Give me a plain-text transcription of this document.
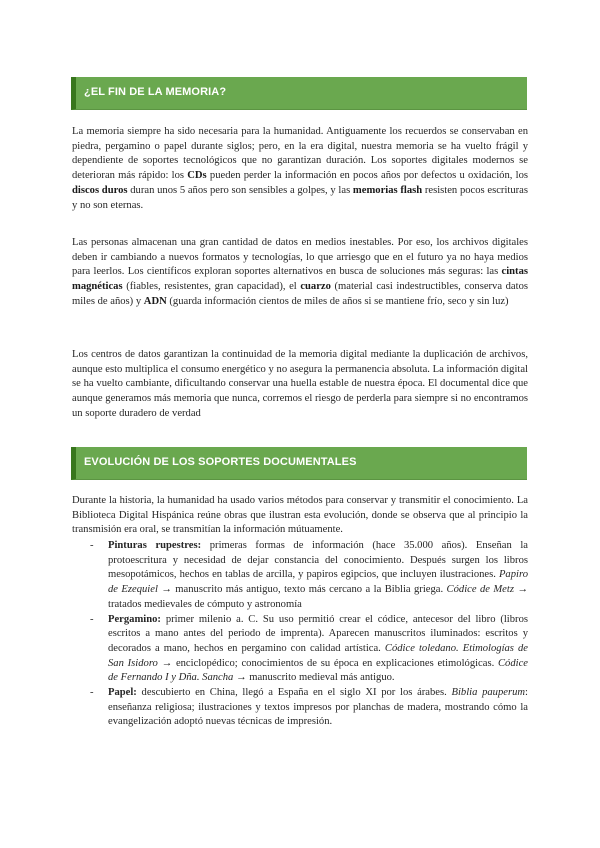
¿EL FIN DE LA MEMORIA?

La memoria siempre ha sido necesaria para la humanidad. Antiguamente los recuerdos se conservaban en piedra, pergamino o papel durante siglos; pero, en la era digital, nuestra memoria se ha vuelto frágil y dependiente de soportes tecnológicos que no garantizan duración. Los soportes digitales modernos se deterioran más rápido: los CDs pueden perder la información en pocos años por defectos u oxidación, los discos duros duran unos 5 años pero son sensibles a golpes, y las memorias flash resisten pocos escrituras y no son eternas.

Las personas almacenan una gran cantidad de datos en medios inestables. Por eso, los archivos digitales deben ir cambiando a nuevos formatos y tecnologías, lo que arriesgo que en el futuro ya no haya medios para leerlos. Los científicos exploran soportes alternativos en busca de soluciones más seguras: las cintas magnéticas (fiables, resistentes, gran capacidad), el cuarzo (material casi indestructibles, conserva datos miles de años) y ADN (guarda información cientos de miles de años si se mantiene frío, seco y sin luz)

Los centros de datos garantizan la continuidad de la memoria digital mediante la duplicación de archivos, aunque esto multiplica el consumo energético y no asegura la permanencia absoluta. La información digital se ha vuelto cambiante, dificultando conservar una huella estable de nuestra época. El documental dice que aunque generamos más memoria que nunca, corremos el riesgo de perderla para siempre si no encontramos un soporte duradero de verdad

EVOLUCIÓN DE LOS SOPORTES DOCUMENTALES

Durante la historia, la humanidad ha usado varios métodos para conservar y transmitir el conocimiento. La Biblioteca Digital Hispánica reúne obras que ilustran esta evolución, donde se observa que al principio la transmisión era oral, se transmitían la información mútuamente.

- Pinturas rupestres: primeras formas de información (hace 35.000 años). Enseñan la protoescritura y necesidad de dejar constancia del conocimiento. Después surgen los libros mesopotámicos, hechos en tablas de arcilla, y papiros egipcios, que incluyen ilustraciones. Papiro de Ezequiel → manuscrito más antiguo, texto más cercano a la Biblia griega. Códice de Metz → tratados medievales de cómputo y astronomía
- Pergamino: primer milenio a. C. Su uso permitió crear el códice, antecesor del libro (libros escritos a mano antes del periodo de imprenta). Aparecen manuscritos iluminados: escritos y decorados a mano, hechos en pergamino con calidad artística. Códice toledano. Etimologías de San Isidoro → enciclopédico; conocimientos de su época en explicaciones etimológicas. Códice de Fernando I y Dña. Sancha → manuscrito medieval más antiguo.
- Papel: descubierto en China, llegó a España en el siglo XI por los árabes. Biblia pauperum: enseñanza religiosa; ilustraciones y textos impresos por planchas de madera, mostrando cómo la evangelización adoptó nuevas técnicas de impresión.
